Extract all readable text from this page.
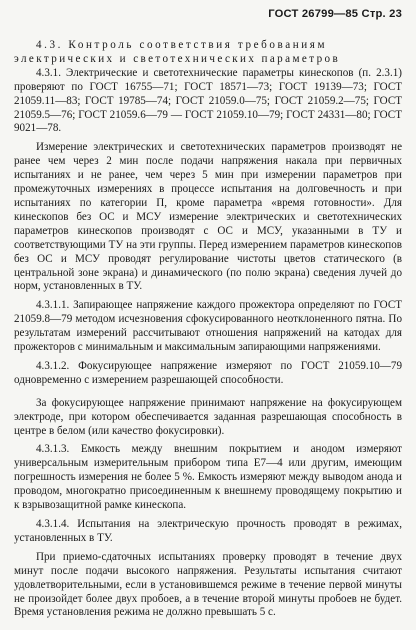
ГОСТ 26799—85 Стр. 23

4.3. Контроль соответствия требованиям

электрических и светотехнических параметров

4.3.1. Электрические и светотехнические параметры кинескопов (п. 2.3.1) проверяют по ГОСТ 16755—71; ГОСТ 18571—73; ГОСТ 19139—73; ГОСТ 21059.11—83; ГОСТ 19785—74; ГОСТ 21059.0—75; ГОСТ 21059.2—75; ГОСТ 21059.5—76; ГОСТ 21059.6—79 — ГОСТ 21059.10—79; ГОСТ 24331—80; ГОСТ 9021—78.

Измерение электрических и светотехнических параметров производят не ранее чем через 2 мин после подачи напряжения накала при первичных испытаниях и не ранее, чем через 5 мин при измерении параметров при промежуточных измерениях в процессе испытания на долговечность и при испытаниях по категории П, кроме параметра «время готовности». Для кинескопов без ОС и МСУ измерение электрических и светотехнических параметров кинескопов производят с ОС и МСУ, указанными в ТУ и соответствующими ТУ на эти группы. Перед измерением параметров кинескопов без ОС и МСУ проводят регулирование чистоты цветов статического (в центральной зоне экрана) и динамического (по полю экрана) сведения лучей до норм, установленных в ТУ.

4.3.1.1. Запирающее напряжение каждого прожектора определяют по ГОСТ 21059.8—79 методом исчезновения сфокусированного неотклоненного пятна. По результатам измерений рассчитывают отношения напряжений на катодах для прожекторов с минимальным и максимальным запирающими напряжениями.

4.3.1.2. Фокусирующее напряжение измеряют по ГОСТ 21059.10—79 одновременно с измерением разрешающей способности.

За фокусирующее напряжение принимают напряжение на фокусирующем электроде, при котором обеспечивается заданная разрешающая способность в центре в белом (или качество фокусировки).

4.3.1.3. Емкость между внешним покрытием и анодом измеряют универсальным измерительным прибором типа Е7—4 или другим, имеющим погрешность измерения не более 5 %. Емкость измеряют между выводом анода и проводом, многократно присоединенным к внешнему проводящему покрытию и к взрывозащитной рамке кинескопа.

4.3.1.4. Испытания на электрическую прочность проводят в режимах, установленных в ТУ.

При приемо-сдаточных испытаниях проверку проводят в течение двух минут после подачи высокого напряжения. Результаты испытания считают удовлетворительными, если в установившемся режиме в течение первой минуты не произойдет более двух пробоев, а в течение второй минуты пробоев не будет. Время установления режима не должно превышать 5 с.
